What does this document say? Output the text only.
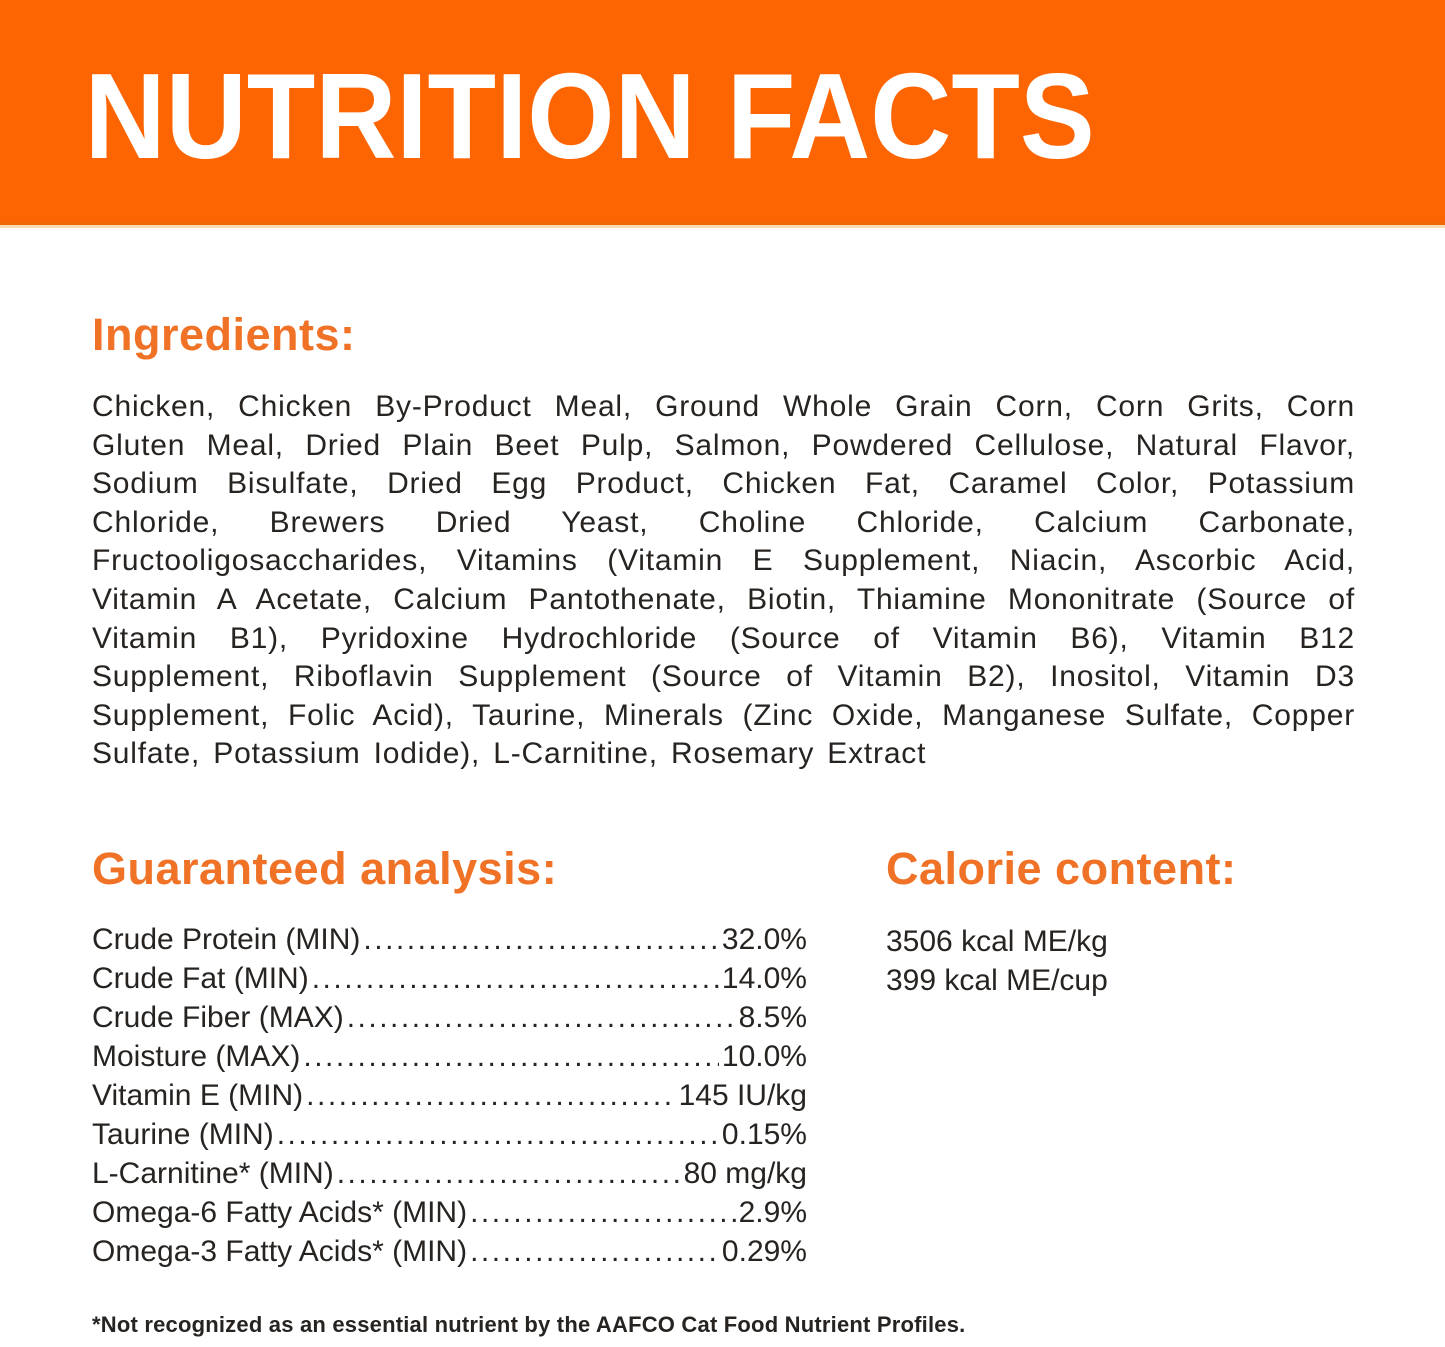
NUTRITION FACTS
Ingredients:

Chicken, Chicken By-Product Meal, Ground Whole Grain Corn, Corn Grits, Corn Gluten Meal, Dried Plain Beet Pulp, Salmon, Powdered Cellulose, Natural Flavor, Sodium Bisulfate, Dried Egg Product, Chicken Fat, Caramel Color, Potassium Chloride, Brewers Dried Yeast, Choline Chloride, Calcium Carbonate, Fructooligosaccharides, Vitamins (Vitamin E Supplement, Niacin, Ascorbic Acid, Vitamin A Acetate, Calcium Pantothenate, Biotin, Thiamine Mononitrate (Source of Vitamin B1), Pyridoxine Hydrochloride (Source of Vitamin B6), Vitamin B12 Supplement, Riboflavin Supplement (Source of Vitamin B2), Inositol, Vitamin D3 Supplement, Folic Acid), Taurine, Minerals (Zinc Oxide, Manganese Sulfate, Copper Sulfate, Potassium Iodide), L-Carnitine, Rosemary Extract

Guaranteed analysis:
Crude Protein (MIN) .....	32.0%
Crude Fat (MIN) .....	14.0%
Crude Fiber (MAX) .....	8.5%
Moisture (MAX) .....	10.0%
Vitamin E (MIN) .....	145 IU/kg
Taurine (MIN) .....	0.15%
L-Carnitine* (MIN) .....	80 mg/kg
Omega-6 Fatty Acids* (MIN) .....	2.9%
Omega-3 Fatty Acids* (MIN) .....	0.29%
Calorie content:
3506 kcal ME/kg
399 kcal ME/cup
*Not recognized as an essential nutrient by the AAFCO Cat Food Nutrient Profiles.
